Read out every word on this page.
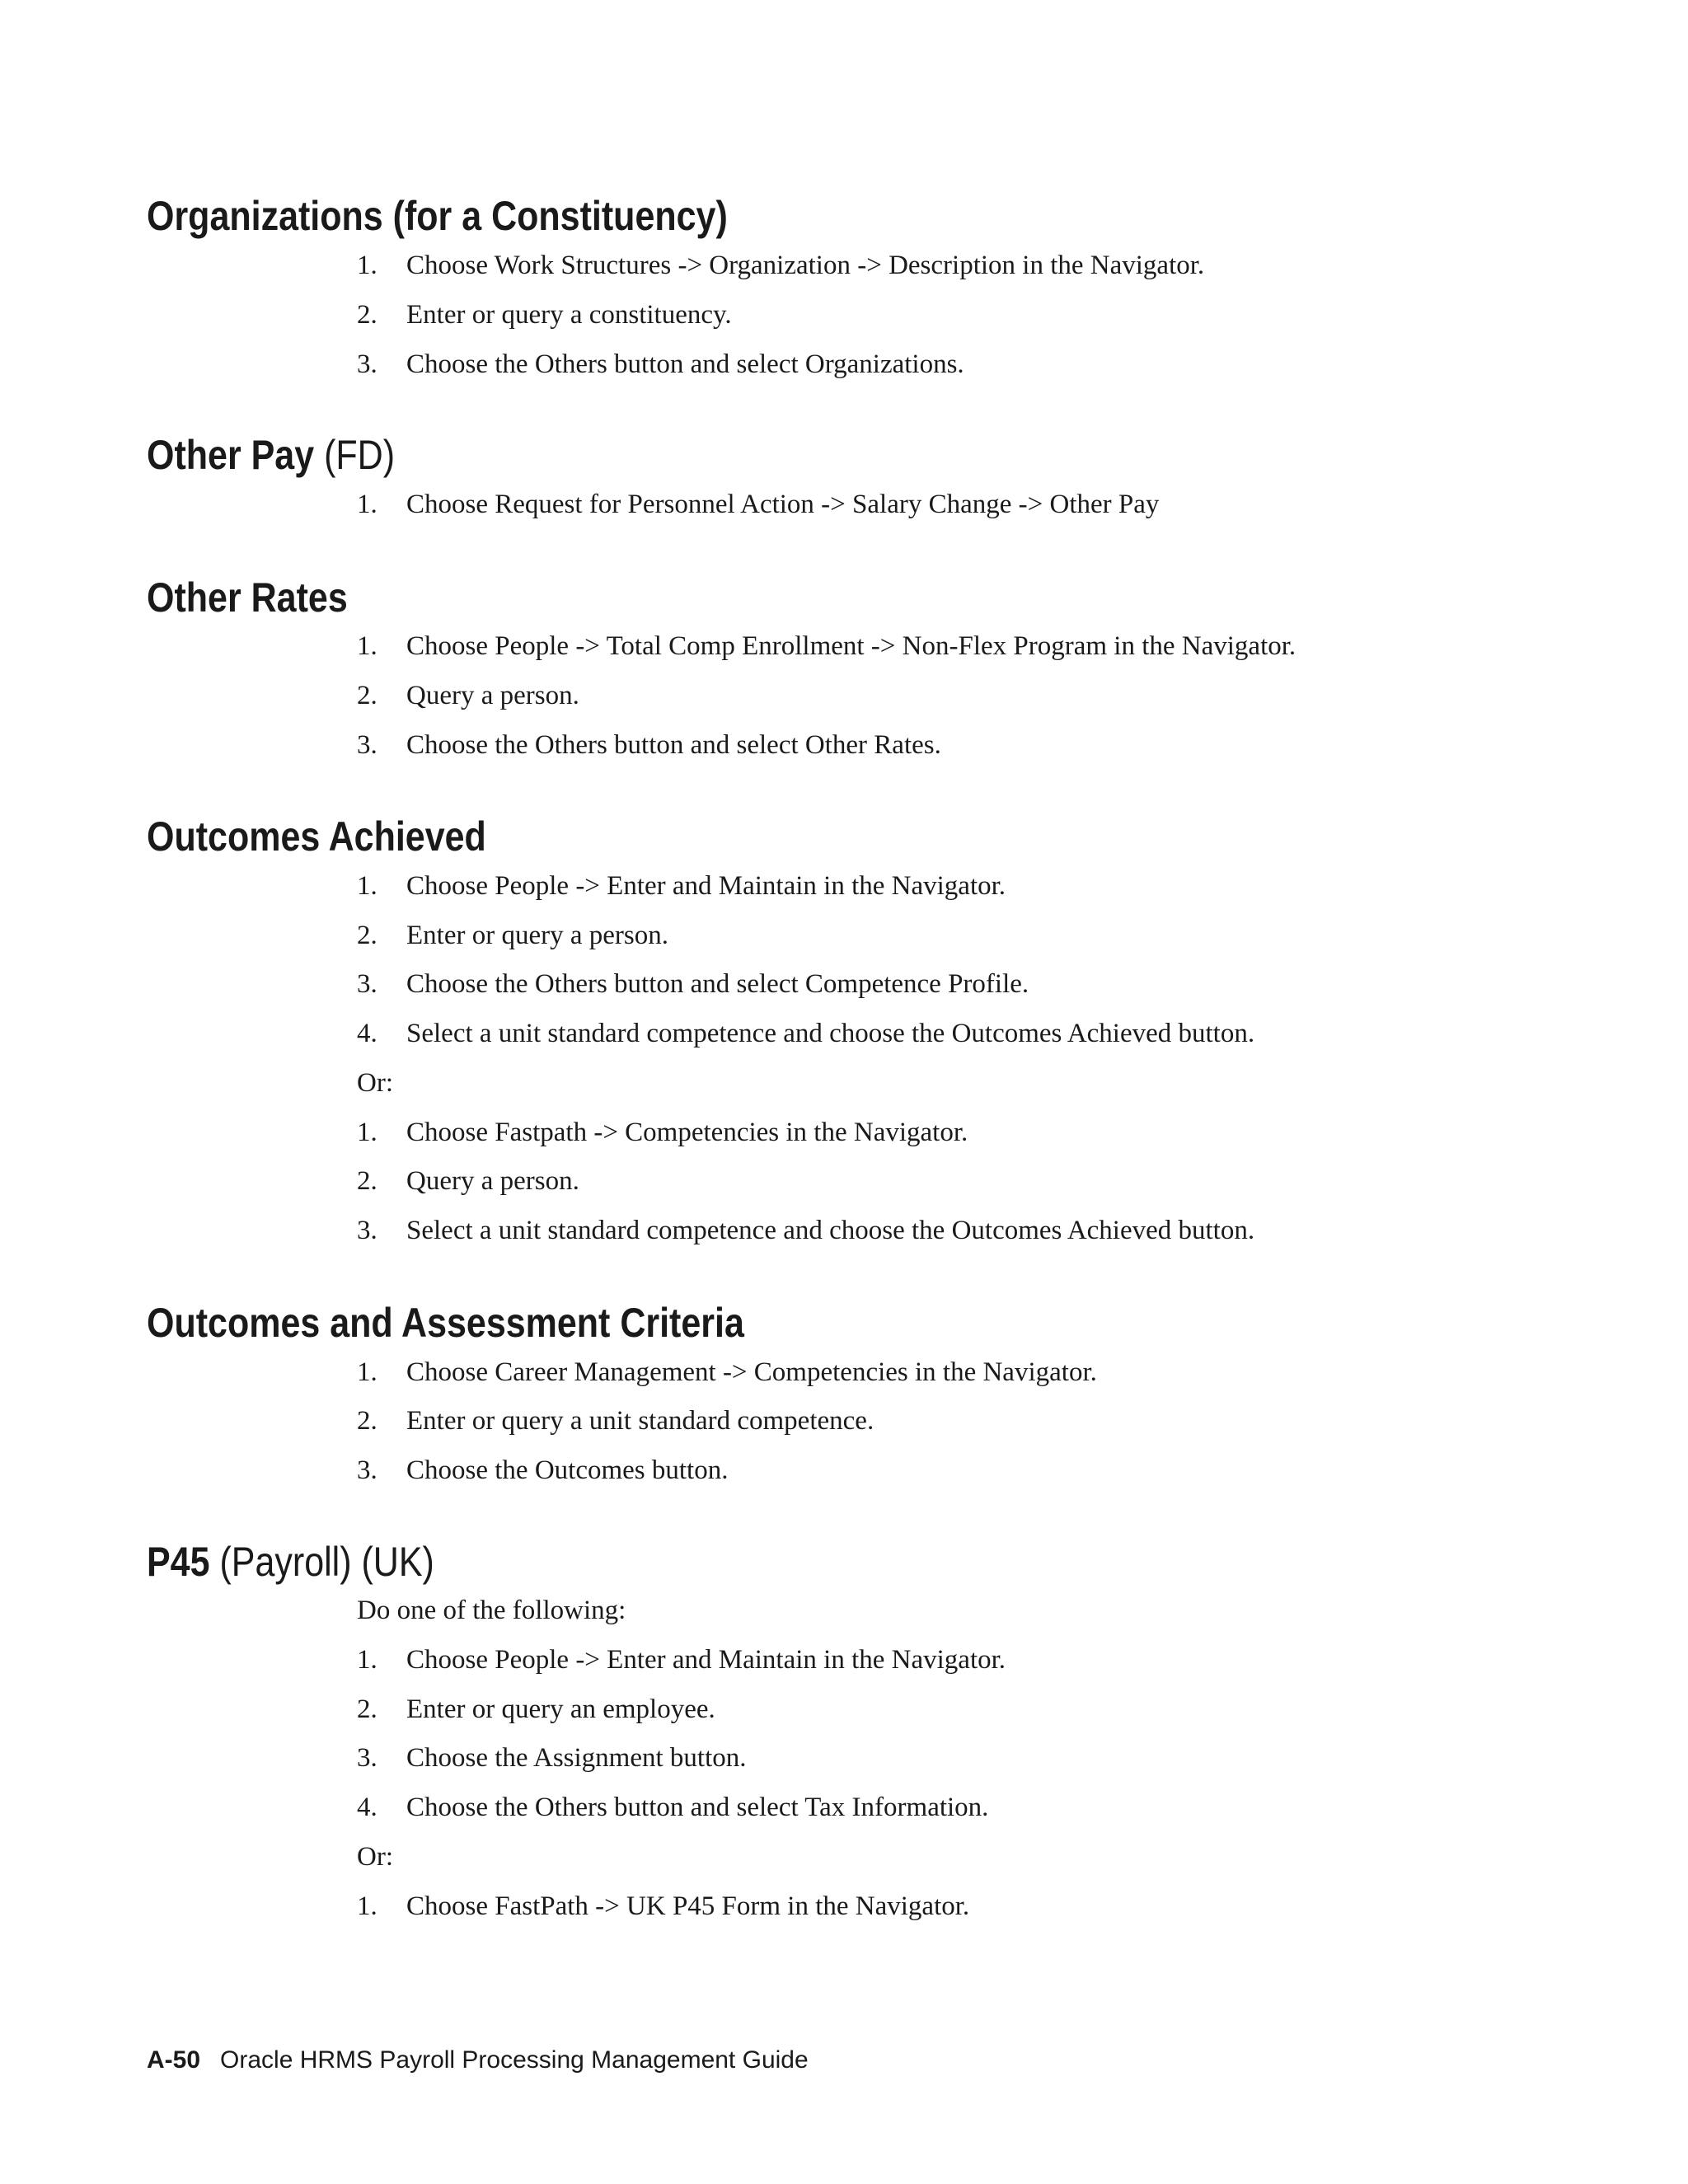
Organizations (for a Constituency)
1. Choose Work Structures -> Organization -> Description in the Navigator.
2. Enter or query a constituency.
3. Choose the Others button and select Organizations.
Other Pay (FD)
1. Choose Request for Personnel Action -> Salary Change -> Other Pay
Other Rates
1. Choose People -> Total Comp Enrollment -> Non-Flex Program in the Navigator.
2. Query a person.
3. Choose the Others button and select Other Rates.
Outcomes Achieved
1. Choose People -> Enter and Maintain in the Navigator.
2. Enter or query a person.
3. Choose the Others button and select Competence Profile.
4. Select a unit standard competence and choose the Outcomes Achieved button.
Or:
1. Choose Fastpath -> Competencies in the Navigator.
2. Query a person.
3. Select a unit standard competence and choose the Outcomes Achieved button.
Outcomes and Assessment Criteria
1. Choose Career Management -> Competencies in the Navigator.
2. Enter or query a unit standard competence.
3. Choose the Outcomes button.
P45 (Payroll) (UK)
Do one of the following:
1. Choose People -> Enter and Maintain in the Navigator.
2. Enter or query an employee.
3. Choose the Assignment button.
4. Choose the Others button and select Tax Information.
Or:
1. Choose FastPath -> UK P45 Form in the Navigator.
A-50 Oracle HRMS Payroll Processing Management Guide
